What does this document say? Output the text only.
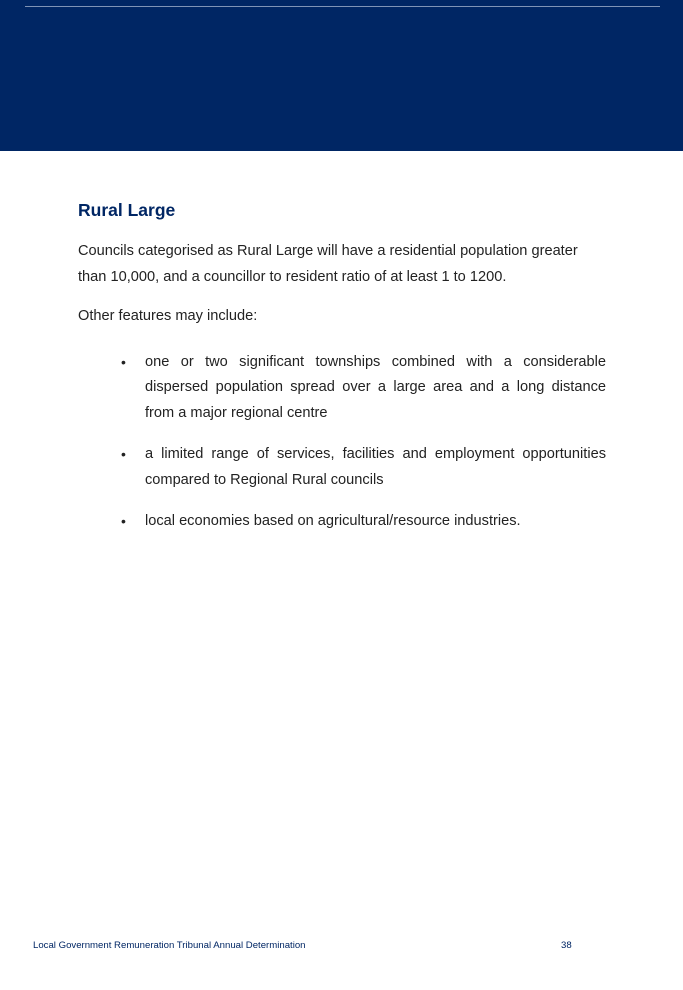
Rural Large

Councils categorised as Rural Large will have a residential population greater than 10,000, and a councillor to resident ratio of at least 1 to 1200.

Other features may include:

• one or two significant townships combined with a considerable dispersed population spread over a large area and a long distance from a major regional centre
• a limited range of services, facilities and employment opportunities compared to Regional Rural councils
• local economies based on agricultural/resource industries.
Local Government Remuneration Tribunal Annual Determination	38
